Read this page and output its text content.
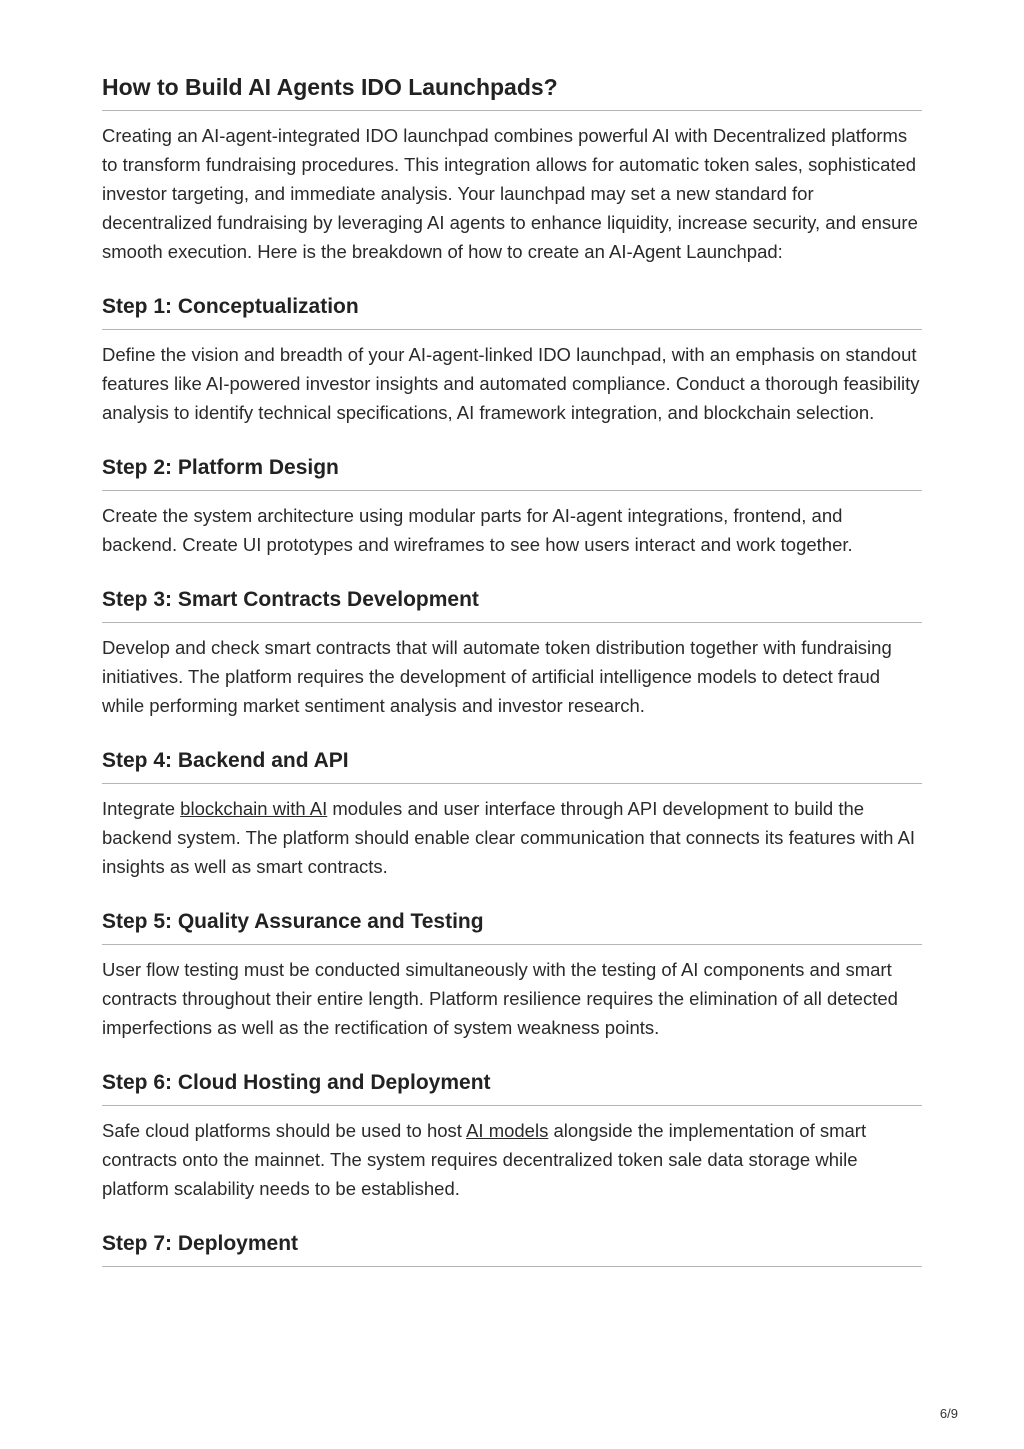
How to Build AI Agents IDO Launchpads?

Creating an AI-agent-integrated IDO launchpad combines powerful AI with Decentralized platforms to transform fundraising procedures. This integration allows for automatic token sales, sophisticated investor targeting, and immediate analysis. Your launchpad may set a new standard for decentralized fundraising by leveraging AI agents to enhance liquidity, increase security, and ensure smooth execution. Here is the breakdown of how to create an AI-Agent Launchpad:

Step 1: Conceptualization

Define the vision and breadth of your AI-agent-linked IDO launchpad, with an emphasis on standout features like AI-powered investor insights and automated compliance. Conduct a thorough feasibility analysis to identify technical specifications, AI framework integration, and blockchain selection.

Step 2: Platform Design

Create the system architecture using modular parts for AI-agent integrations, frontend, and backend. Create UI prototypes and wireframes to see how users interact and work together.

Step 3: Smart Contracts Development

Develop and check smart contracts that will automate token distribution together with fundraising initiatives. The platform requires the development of artificial intelligence models to detect fraud while performing market sentiment analysis and investor research.

Step 4: Backend and API

Integrate blockchain with AI modules and user interface through API development to build the backend system. The platform should enable clear communication that connects its features with AI insights as well as smart contracts.

Step 5: Quality Assurance and Testing

User flow testing must be conducted simultaneously with the testing of AI components and smart contracts throughout their entire length. Platform resilience requires the elimination of all detected imperfections as well as the rectification of system weakness points.

Step 6: Cloud Hosting and Deployment

Safe cloud platforms should be used to host AI models alongside the implementation of smart contracts onto the mainnet. The system requires decentralized token sale data storage while platform scalability needs to be established.

Step 7: Deployment
6/9
